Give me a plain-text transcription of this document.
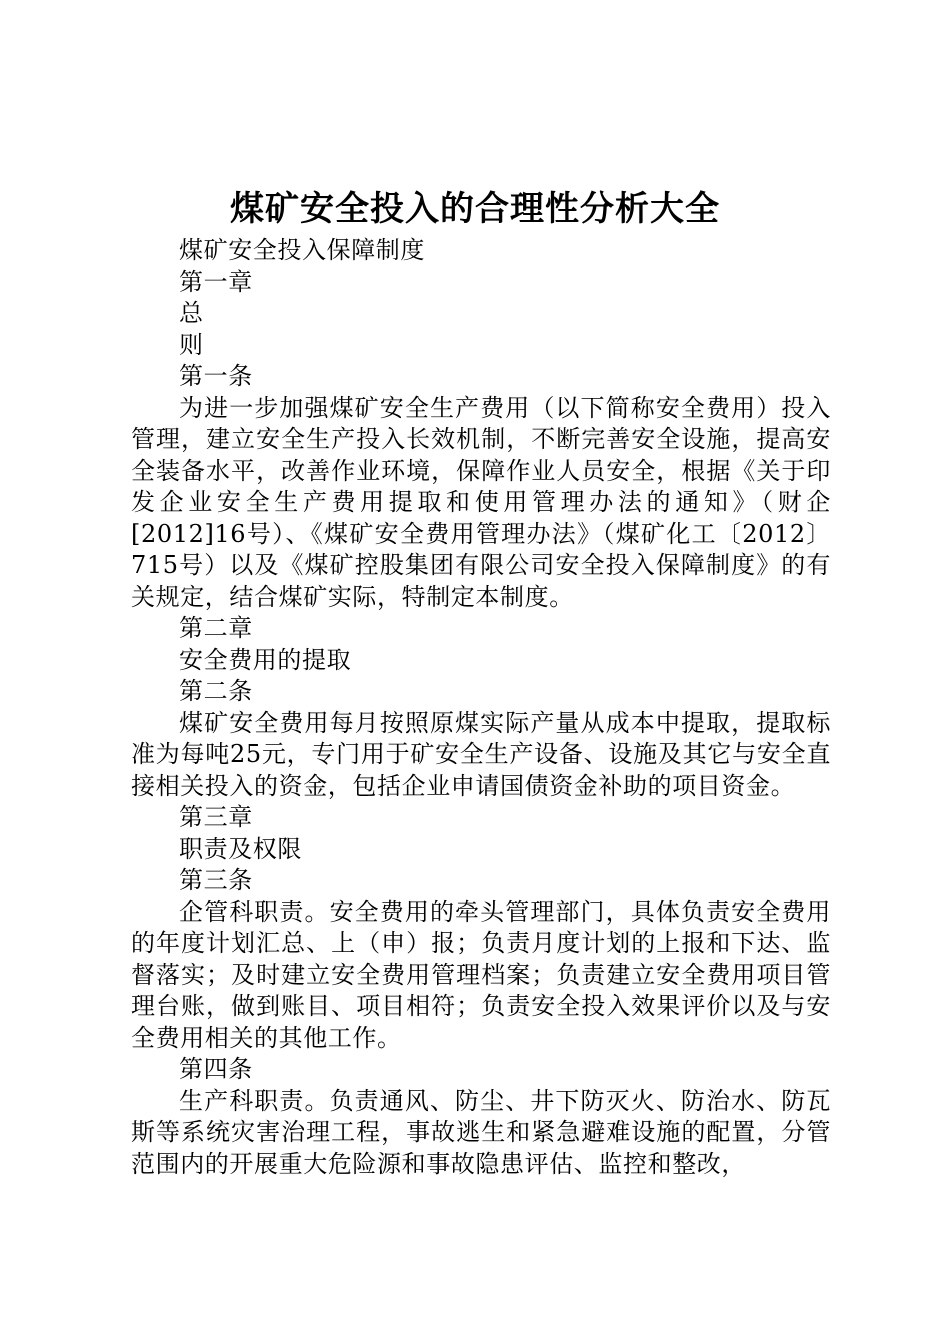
煤矿安全投入的合理性分析大全

煤矿安全投入保障制度

第一章

总

则

第一条

为进一步加强煤矿安全生产费用（以下简称安全费用）投入管理，建立安全生产投入长效机制，不断完善安全设施，提高安全装备水平，改善作业环境，保障作业人员安全，根据《关于印发企业安全生产费用提取和使用管理办法的通知》（财企[2012]16号）、《煤矿安全费用管理办法》（煤矿化工〔2012〕715号）以及《煤矿控股集团有限公司安全投入保障制度》的有关规定，结合煤矿实际，特制定本制度。

第二章

安全费用的提取

第二条

煤矿安全费用每月按照原煤实际产量从成本中提取，提取标准为每吨25元，专门用于矿安全生产设备、设施及其它与安全直接相关投入的资金，包括企业申请国债资金补助的项目资金。

第三章

职责及权限

第三条

企管科职责。安全费用的牵头管理部门，具体负责安全费用的年度计划汇总、上（申）报；负责月度计划的上报和下达、监督落实；及时建立安全费用管理档案；负责建立安全费用项目管理台账，做到账目、项目相符；负责安全投入效果评价以及与安全费用相关的其他工作。

第四条

生产科职责。负责通风、防尘、井下防灭火、防治水、防瓦斯等系统灾害治理工程，事故逃生和紧急避难设施的配置，分管范围内的开展重大危险源和事故隐患评估、监控和整改，
